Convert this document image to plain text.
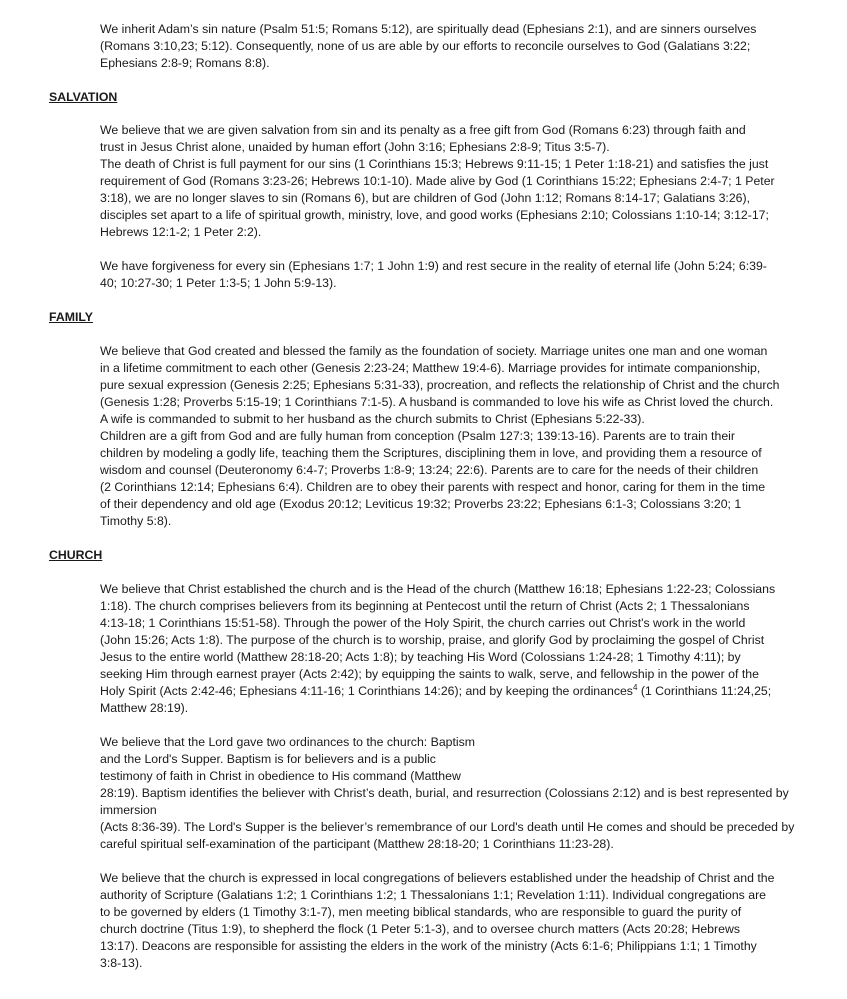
We inherit Adam’s sin nature (Psalm 51:5; Romans 5:12), are spiritually dead (Ephesians 2:1), and are sinners ourselves
(Romans 3:10,23; 5:12). Consequently, none of us are able by our efforts to reconcile ourselves to God (Galatians 3:22;
Ephesians 2:8-9; Romans 8:8).
SALVATION
We believe that we are given salvation from sin and its penalty as a free gift from God (Romans 6:23) through faith and
trust in Jesus Christ alone, unaided by human effort (John 3:16; Ephesians 2:8-9; Titus 3:5-7).
The death of Christ is full payment for our sins (1 Corinthians 15:3; Hebrews 9:11-15; 1 Peter 1:18-21) and satisfies the just
requirement of God (Romans 3:23-26; Hebrews 10:1-10). Made alive by God (1 Corinthians 15:22; Ephesians 2:4-7; 1 Peter
3:18), we are no longer slaves to sin (Romans 6), but are children of God (John 1:12; Romans 8:14-17; Galatians 3:26),
disciples set apart to a life of spiritual growth, ministry, love, and good works (Ephesians 2:10; Colossians 1:10-14; 3:12-17;
Hebrews 12:1-2; 1 Peter 2:2).
We have forgiveness for every sin (Ephesians 1:7; 1 John 1:9) and rest secure in the reality of eternal life (John 5:24; 6:39-
40; 10:27-30; 1 Peter 1:3-5; 1 John 5:9-13).
FAMILY
We believe that God created and blessed the family as the foundation of society. Marriage unites one man and one woman
in a lifetime commitment to each other (Genesis 2:23-24; Matthew 19:4-6). Marriage provides for intimate companionship,
pure sexual expression (Genesis 2:25; Ephesians 5:31-33), procreation, and reflects the relationship of Christ and the church
(Genesis 1:28; Proverbs 5:15-19; 1 Corinthians 7:1-5). A husband is commanded to love his wife as Christ loved the church.
A wife is commanded to submit to her husband as the church submits to Christ (Ephesians 5:22-33).
Children are a gift from God and are fully human from conception (Psalm 127:3; 139:13-16). Parents are to train their
children by modeling a godly life, teaching them the Scriptures, disciplining them in love, and providing them a resource of
wisdom and counsel (Deuteronomy 6:4-7; Proverbs 1:8-9; 13:24; 22:6). Parents are to care for the needs of their children
(2 Corinthians 12:14; Ephesians 6:4). Children are to obey their parents with respect and honor, caring for them in the time
of their dependency and old age (Exodus 20:12; Leviticus 19:32; Proverbs 23:22; Ephesians 6:1-3; Colossians 3:20; 1
Timothy 5:8).
CHURCH
We believe that Christ established the church and is the Head of the church (Matthew 16:18; Ephesians 1:22-23; Colossians
1:18). The church comprises believers from its beginning at Pentecost until the return of Christ (Acts 2; 1 Thessalonians
4:13-18; 1 Corinthians 15:51-58). Through the power of the Holy Spirit, the church carries out Christ's work in the world
(John 15:26; Acts 1:8). The purpose of the church is to worship, praise, and glorify God by proclaiming the gospel of Christ
Jesus to the entire world (Matthew 28:18-20; Acts 1:8); by teaching His Word (Colossians 1:24-28; 1 Timothy 4:11); by
seeking Him through earnest prayer (Acts 2:42); by equipping the saints to walk, serve, and fellowship in the power of the
Holy Spirit (Acts 2:42-46; Ephesians 4:11-16; 1 Corinthians 14:26); and by keeping the ordinances$^4$ (1 Corinthians 11:24,25;
Matthew 28:19).
We believe that the Lord gave two ordinances to the church: Baptism
and the Lord's Supper. Baptism is for believers and is a public
testimony of faith in Christ in obedience to His command (Matthew
28:19). Baptism identifies the believer with Christ’s death, burial, and resurrection (Colossians 2:12) and is best represented by
immersion
(Acts 8:36-39). The Lord's Supper is the believer’s remembrance of our Lord's death until He comes and should be preceded by
careful spiritual self-examination of the participant (Matthew 28:18-20; 1 Corinthians 11:23-28).
We believe that the church is expressed in local congregations of believers established under the headship of Christ and the
authority of Scripture (Galatians 1:2; 1 Corinthians 1:2; 1 Thessalonians 1:1; Revelation 1:11). Individual congregations are
to be governed by elders (1 Timothy 3:1-7), men meeting biblical standards, who are responsible to guard the purity of
church doctrine (Titus 1:9), to shepherd the flock (1 Peter 5:1-3), and to oversee church matters (Acts 20:28; Hebrews
13:17). Deacons are responsible for assisting the elders in the work of the ministry (Acts 6:1-6; Philippians 1:1; 1 Timothy
3:8-13).
